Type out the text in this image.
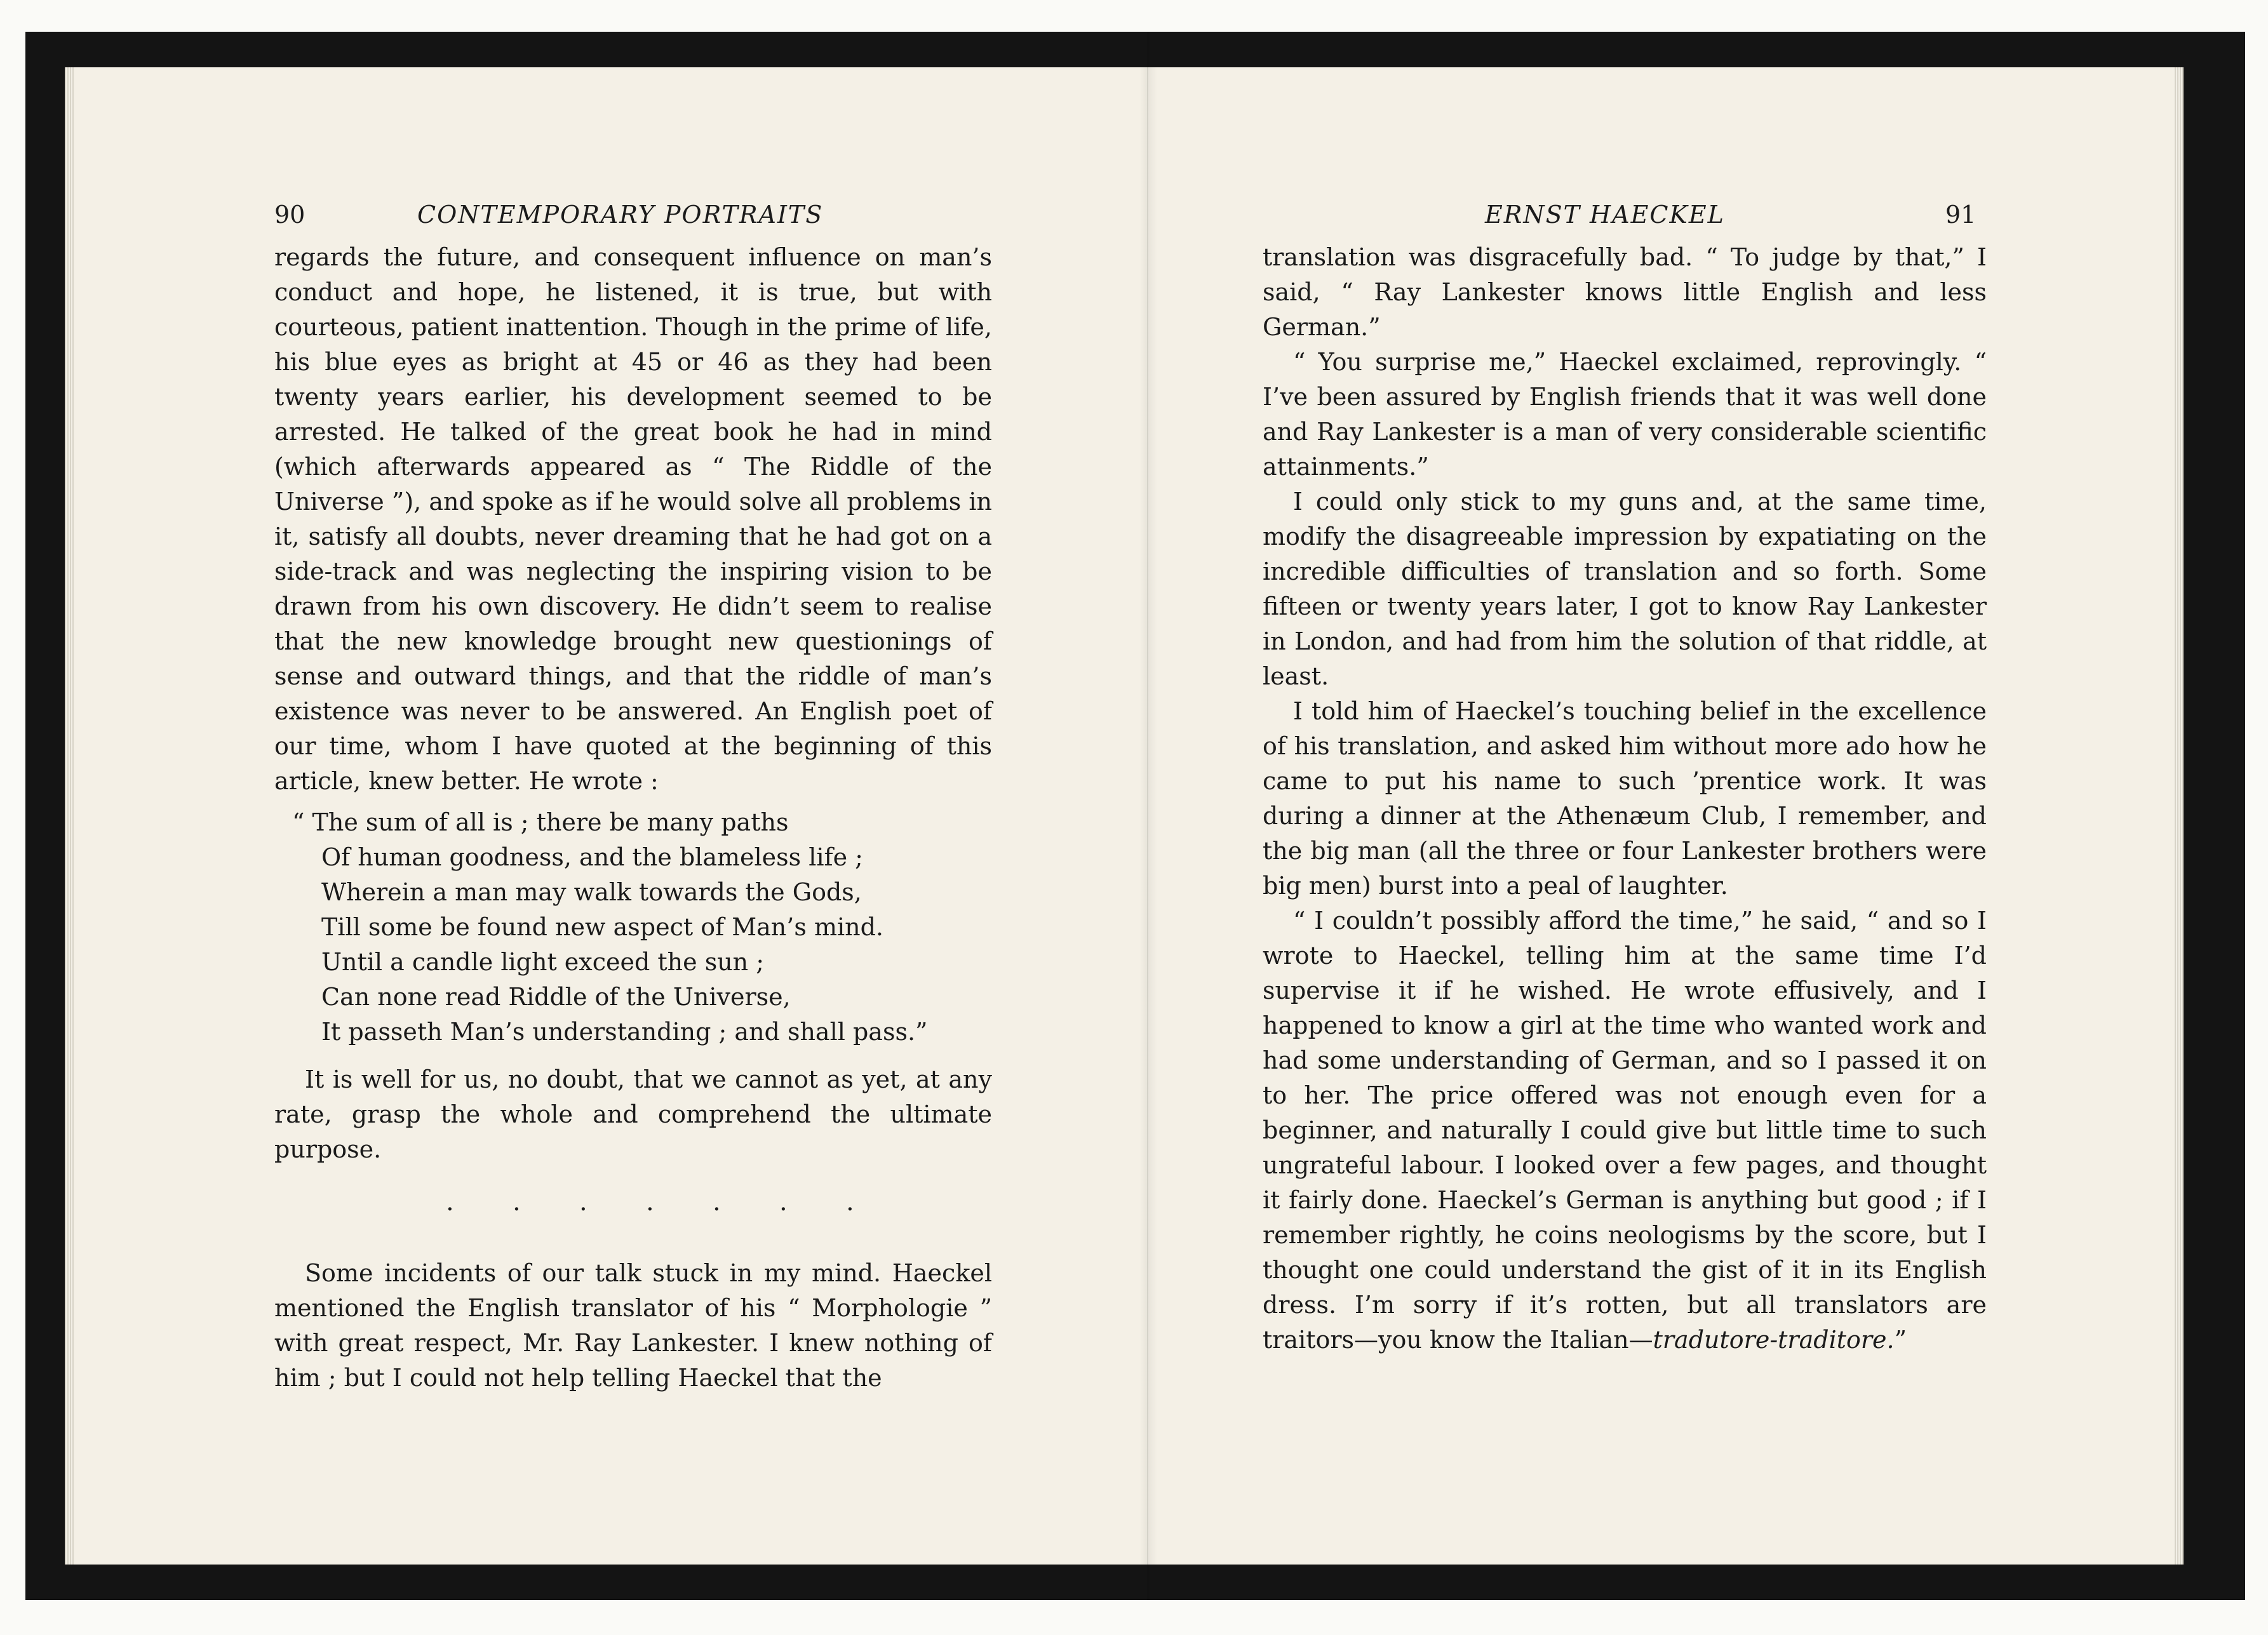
90	CONTEMPORARY PORTRAITS

regards the future, and consequent influence on man’s conduct and hope, he listened, it is true, but with courteous, patient inattention. Though in the prime of life, his blue eyes as bright at 45 or 46 as they had been twenty years earlier, his development seemed to be arrested. He talked of the great book he had in mind (which afterwards appeared as “ The Riddle of the Universe ”), and spoke as if he would solve all problems in it, satisfy all doubts, never dreaming that he had got on a side-track and was neglecting the inspiring vision to be drawn from his own discovery. He didn’t seem to realise that the new knowledge brought new questionings of sense and outward things, and that the riddle of man’s existence was never to be answered. An English poet of our time, whom I have quoted at the beginning of this article, knew better. He wrote :

“ The sum of all is ; there be many paths
Of human goodness, and the blameless life ;
Wherein a man may walk towards the Gods,
Till some be found new aspect of Man’s mind.
Until a candle light exceed the sun ;
Can none read Riddle of the Universe,
It passeth Man’s understanding ; and shall pass.”

It is well for us, no doubt, that we cannot as yet, at any rate, grasp the whole and comprehend the ultimate purpose.

. . . . . . .

Some incidents of our talk stuck in my mind. Haeckel mentioned the English translator of his “ Morphologie ” with great respect, Mr. Ray Lankester. I knew nothing of him ; but I could not help telling Haeckel that the

ERNST HAECKEL	91

translation was disgracefully bad. “ To judge by that,” I said, “ Ray Lankester knows little English and less German.”

“ You surprise me,” Haeckel exclaimed, reprovingly. “ I’ve been assured by English friends that it was well done and Ray Lankester is a man of very considerable scientific attainments.”

I could only stick to my guns and, at the same time, modify the disagreeable impression by expatiating on the incredible difficulties of translation and so forth. Some fifteen or twenty years later, I got to know Ray Lankester in London, and had from him the solution of that riddle, at least.

I told him of Haeckel’s touching belief in the excellence of his translation, and asked him without more ado how he came to put his name to such ’prentice work. It was during a dinner at the Athenæum Club, I remember, and the big man (all the three or four Lankester brothers were big men) burst into a peal of laughter.

“ I couldn’t possibly afford the time,” he said, “ and so I wrote to Haeckel, telling him at the same time I’d supervise it if he wished. He wrote effusively, and I happened to know a girl at the time who wanted work and had some understanding of German, and so I passed it on to her. The price offered was not enough even for a beginner, and naturally I could give but little time to such ungrateful labour. I looked over a few pages, and thought it fairly done. Haeckel’s German is anything but good ; if I remember rightly, he coins neologisms by the score, but I thought one could understand the gist of it in its English dress. I’m sorry if it’s rotten, but all translators are traitors—you know the Italian—tradutore-traditore.”
